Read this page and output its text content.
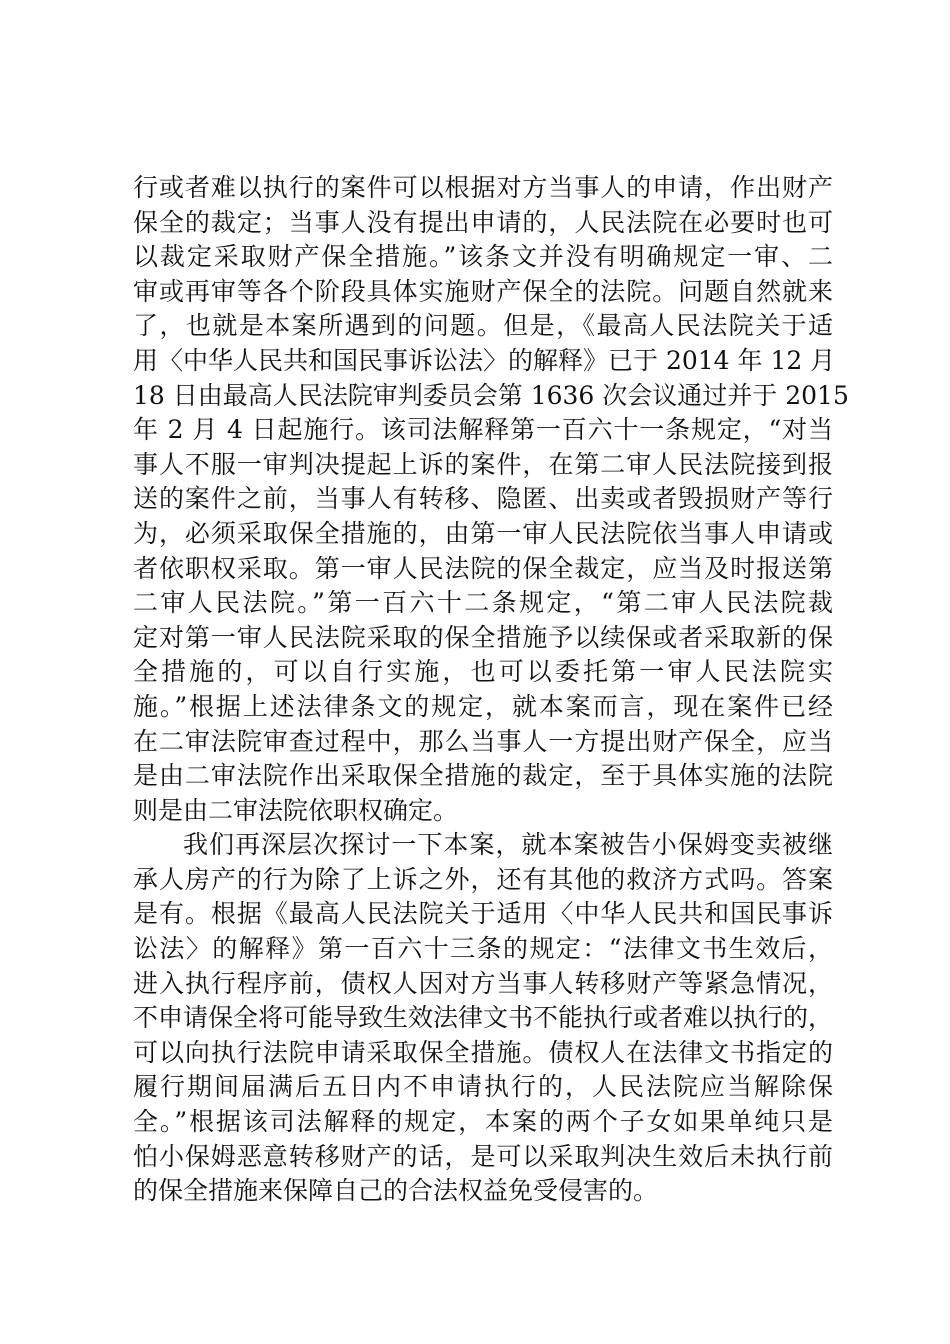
行或者难以执行的案件可以根据对方当事人的申请，作出财产
保全的裁定；当事人没有提出申请的，人民法院在必要时也可
以裁定采取财产保全措施。”该条文并没有明确规定一审、二
审或再审等各个阶段具体实施财产保全的法院。问题自然就来
了，也就是本案所遇到的问题。但是，《最高人民法院关于适
用〈中华人民共和国民事诉讼法〉的解释》已于 2014 年 12 月
18 日由最高人民法院审判委员会第 1636 次会议通过并于 2015
年 2 月 4 日起施行。该司法解释第一百六十一条规定，“对当
事人不服一审判决提起上诉的案件，在第二审人民法院接到报
送的案件之前，当事人有转移、隐匿、出卖或者毁损财产等行
为，必须采取保全措施的，由第一审人民法院依当事人申请或
者依职权采取。第一审人民法院的保全裁定，应当及时报送第
二审人民法院。”第一百六十二条规定，“第二审人民法院裁
定对第一审人民法院采取的保全措施予以续保或者采取新的保
全措施的，可以自行实施，也可以委托第一审人民法院实
施。”根据上述法律条文的规定，就本案而言，现在案件已经
在二审法院审查过程中，那么当事人一方提出财产保全，应当
是由二审法院作出采取保全措施的裁定，至于具体实施的法院
则是由二审法院依职权确定。
我们再深层次探讨一下本案，就本案被告小保姆变卖被继
承人房产的行为除了上诉之外，还有其他的救济方式吗。答案
是有。根据《最高人民法院关于适用〈中华人民共和国民事诉
讼法〉的解释》第一百六十三条的规定：“法律文书生效后，
进入执行程序前，债权人因对方当事人转移财产等紧急情况，
不申请保全将可能导致生效法律文书不能执行或者难以执行的，
可以向执行法院申请采取保全措施。债权人在法律文书指定的
履行期间届满后五日内不申请执行的，人民法院应当解除保
全。”根据该司法解释的规定，本案的两个子女如果单纯只是
怕小保姆恶意转移财产的话，是可以采取判决生效后未执行前
的保全措施来保障自己的合法权益免受侵害的。
